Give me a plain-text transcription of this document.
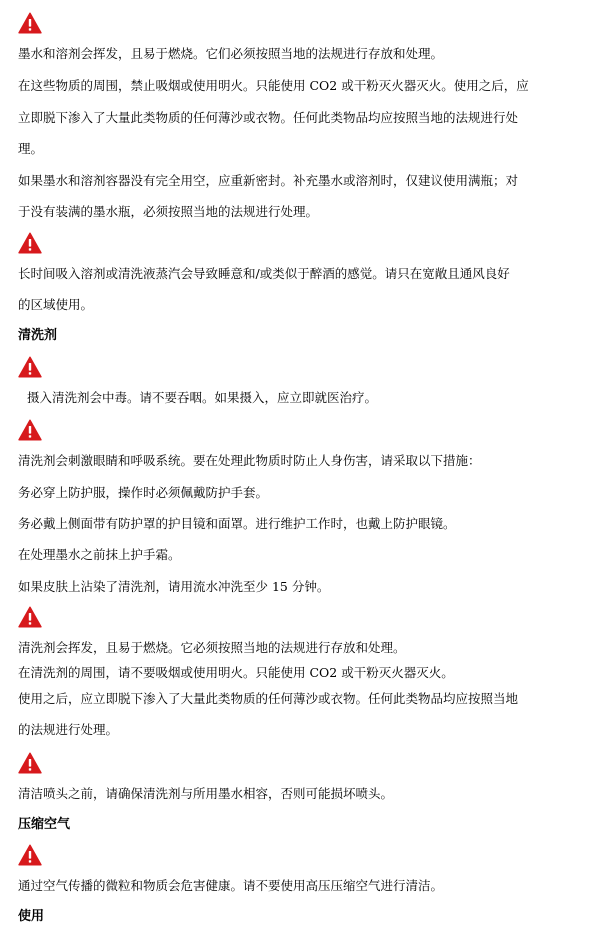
墨水和溶剂会挥发，且易于燃烧。它们必须按照当地的法规进行存放和处理。
在这些物质的周围，禁止吸烟或使用明火。只能使用 CO2 或干粉灭火器灭火。使用之后，应
立即脱下渗入了大量此类物质的任何薄沙或衣物。任何此类物品均应按照当地的法规进行处
理。
如果墨水和溶剂容器没有完全用空，应重新密封。补充墨水或溶剂时，仅建议使用满瓶；对
于没有装满的墨水瓶，必须按照当地的法规进行处理。
长时间吸入溶剂或清洗液蒸汽会导致睡意和/或类似于醉酒的感觉。请只在宽敞且通风良好
的区域使用。
清洗剂
摄入清洗剂会中毒。请不要吞咽。如果摄入，应立即就医治疗。
清洗剂会刺激眼睛和呼吸系统。要在处理此物质时防止人身伤害，请采取以下措施：
务必穿上防护服，操作时必须佩戴防护手套。
务必戴上侧面带有防护罩的护目镜和面罩。进行维护工作时，也戴上防护眼镜。
在处理墨水之前抹上护手霜。
如果皮肤上沾染了清洗剂，请用流水冲洗至少 15 分钟。
清洗剂会挥发，且易于燃烧。它必须按照当地的法规进行存放和处理。
在清洗剂的周围，请不要吸烟或使用明火。只能使用 CO2 或干粉灭火器灭火。
使用之后，应立即脱下渗入了大量此类物质的任何薄沙或衣物。任何此类物品均应按照当地
的法规进行处理。
清洁喷头之前，请确保清洗剂与所用墨水相容，否则可能损坏喷头。
压缩空气
通过空气传播的微粒和物质会危害健康。请不要使用高压压缩空气进行清洁。
使用
